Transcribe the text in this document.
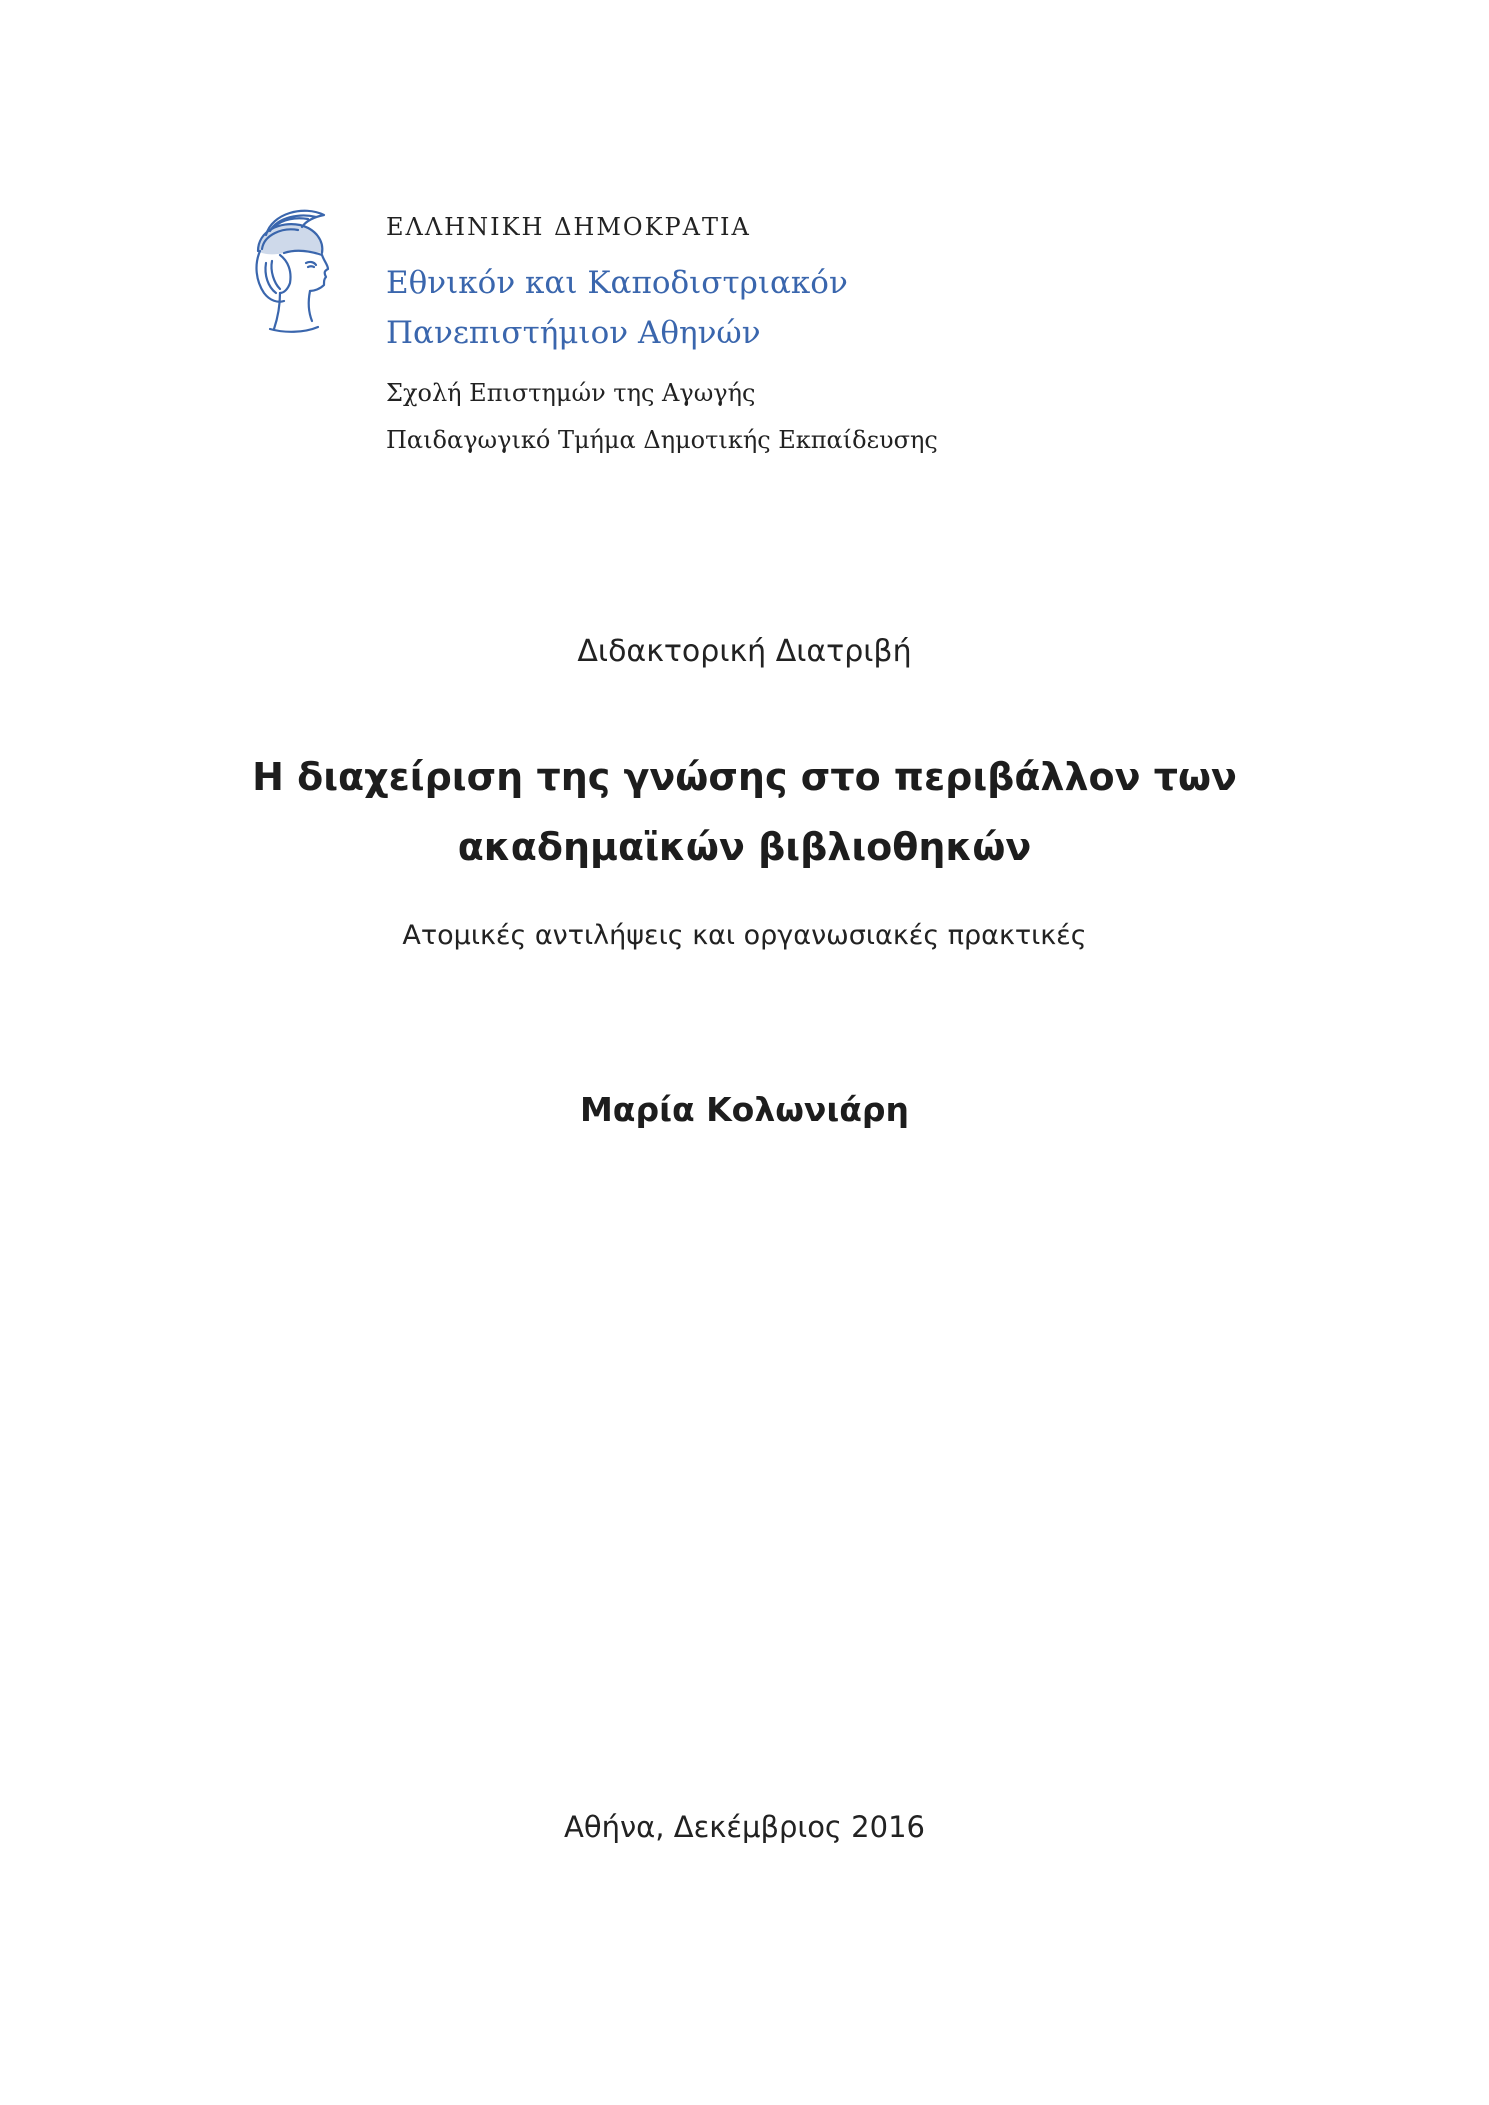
ΕΛΛΗΝΙΚΗ ΔΗΜΟΚΡΑΤΙΑ
Εθνικόν και Καποδιστριακόν
Πανεπιστήμιον Αθηνών
Σχολή Επιστημών της Αγωγής
Παιδαγωγικό Τμήμα Δημοτικής Εκπαίδευσης
Διδακτορική Διατριβή
Η διαχείριση της γνώσης στο περιβάλλον των
ακαδημαϊκών βιβλιοθηκών
Ατομικές αντιλήψεις και οργανωσιακές πρακτικές
Μαρία Κολωνιάρη
Αθήνα, Δεκέμβριος 2016
